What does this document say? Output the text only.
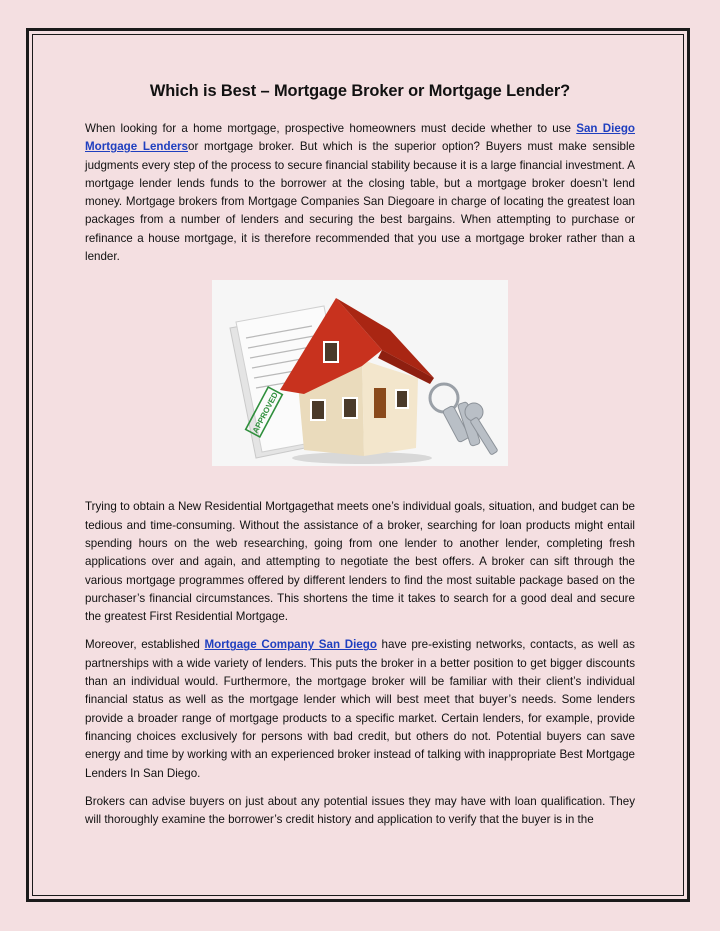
Which is Best – Mortgage Broker or Mortgage Lender?

When looking for a home mortgage, prospective homeowners must decide whether to use San Diego Mortgage Lendersor mortgage broker. But which is the superior option? Buyers must make sensible judgments every step of the process to secure financial stability because it is a large financial investment. A mortgage lender lends funds to the borrower at the closing table, but a mortgage broker doesn’t lend money. Mortgage brokers from Mortgage Companies San Diegoare in charge of locating the greatest loan packages from a number of lenders and securing the best bargains. When attempting to purchase or refinance a house mortgage, it is therefore recommended that you use a mortgage broker rather than a lender.

APPROVED

Trying to obtain a New Residential Mortgagethat meets one’s individual goals, situation, and budget can be tedious and time-consuming. Without the assistance of a broker, searching for loan products might entail spending hours on the web researching, going from one lender to another lender, completing fresh applications over and again, and attempting to negotiate the best offers. A broker can sift through the various mortgage programmes offered by different lenders to find the most suitable package based on the purchaser’s financial circumstances. This shortens the time it takes to search for a good deal and secure the greatest First Residential Mortgage.

Moreover, established Mortgage Company San Diego have pre-existing networks, contacts, as well as partnerships with a wide variety of lenders. This puts the broker in a better position to get bigger discounts than an individual would. Furthermore, the mortgage broker will be familiar with their client’s individual financial status as well as the mortgage lender which will best meet that buyer’s needs. Some lenders provide a broader range of mortgage products to a specific market. Certain lenders, for example, provide financing choices exclusively for persons with bad credit, but others do not. Potential buyers can save energy and time by working with an experienced broker instead of talking with inappropriate Best Mortgage Lenders In San Diego.

Brokers can advise buyers on just about any potential issues they may have with loan qualification. They will thoroughly examine the borrower’s credit history and application to verify that the buyer is in the
